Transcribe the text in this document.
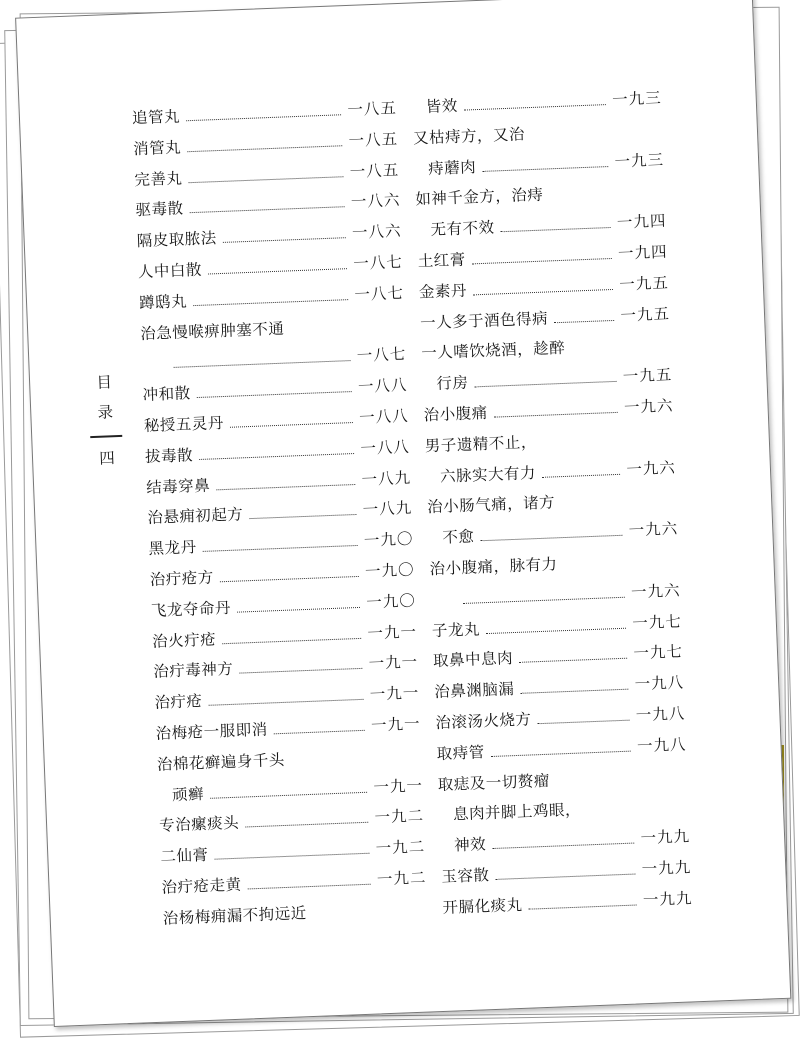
目
录
四
追管丸	一八五
消管丸	一八五
完善丸	一八五
驱毒散	一八六
隔皮取脓法	一八六
人中白散	一八七
蹲鸱丸	一八七
治急慢喉痹肿塞不通
一八七
冲和散	一八八
秘授五灵丹	一八八
拔毒散	一八八
结毒穿鼻	一八九
治悬痈初起方	一八九
黑龙丹	一九〇
治疔疮方	一九〇
飞龙夺命丹	一九〇
治火疔疮	一九一
治疔毒神方	一九一
治疔疮	一九一
治梅疮一服即消	一九一
治棉花癣遍身千头
顽癣	一九一
专治瘰痰头	一九二
二仙膏	一九二
治疔疮走黄	一九二
治杨梅痈漏不拘远近
皆效	一九三
又枯痔方，又治
痔蘑肉	一九三
如神千金方，治痔
无有不效	一九四
土红膏	一九四
金素丹	一九五
一人多于酒色得病	一九五
一人嗜饮烧酒，趁醉
行房	一九五
治小腹痛	一九六
男子遗精不止，
六脉实大有力	一九六
治小肠气痛，诸方
不愈	一九六
治小腹痛，脉有力
一九六
子龙丸	一九七
取鼻中息肉	一九七
治鼻渊脑漏	一九八
治滚汤火烧方	一九八
取痔管	一九八
取痣及一切赘瘤
息肉并脚上鸡眼，
神效	一九九
玉容散	一九九
开膈化痰丸	一九九
